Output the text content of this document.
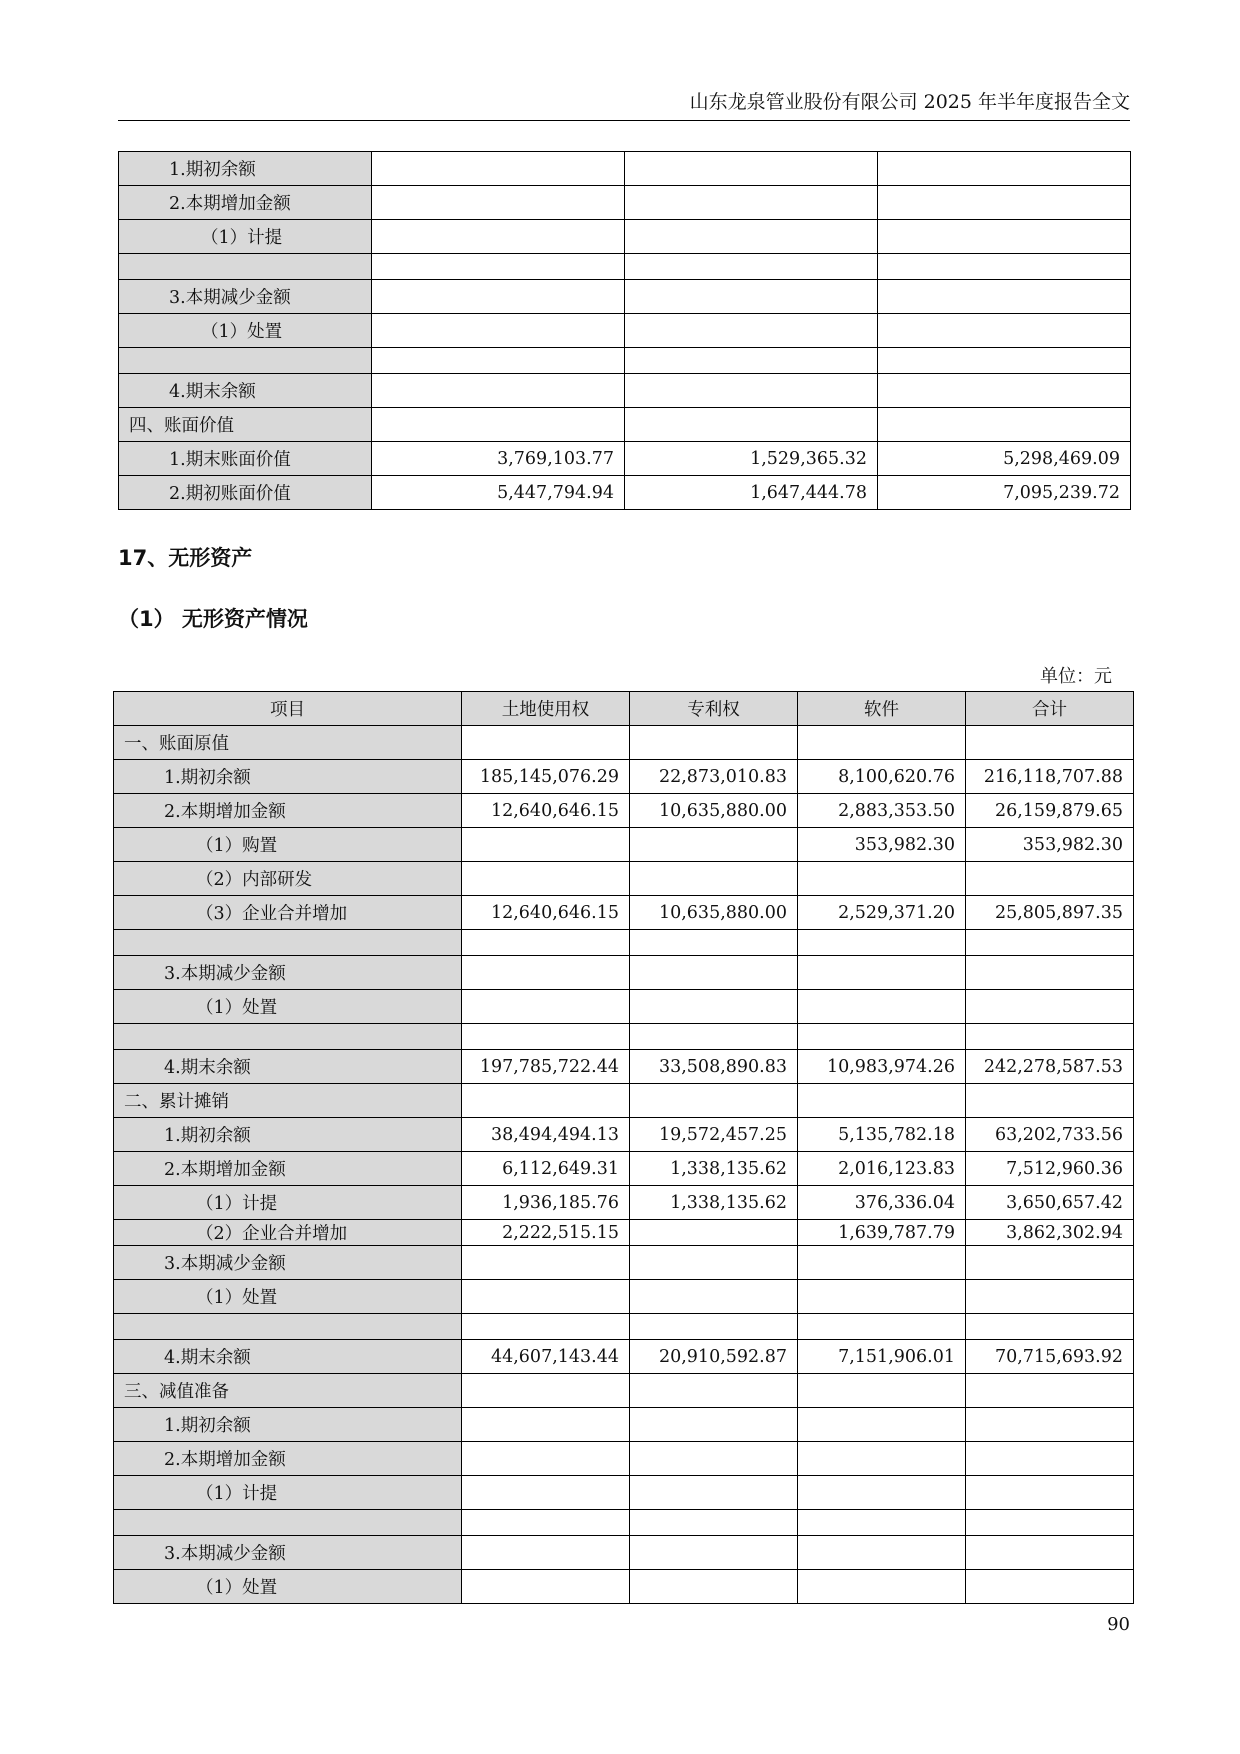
山东龙泉管业股份有限公司 2025 年半年度报告全文
1.期初余额			
2.本期增加金额			
（1）计提			

3.本期减少金额			
（1）处置			

4.期末余额			
四、账面价值			
1.期末账面价值	3,769,103.77	1,529,365.32	5,298,469.09
2.期初账面价值	5,447,794.94	1,647,444.78	7,095,239.72
17、无形资产
（1） 无形资产情况
单位：元
项目	土地使用权	专利权	软件	合计
一、账面原值				
1.期初余额	185,145,076.29	22,873,010.83	8,100,620.76	216,118,707.88
2.本期增加金额	12,640,646.15	10,635,880.00	2,883,353.50	26,159,879.65
（1）购置			353,982.30	353,982.30
（2）内部研发				
（3）企业合并增加	12,640,646.15	10,635,880.00	2,529,371.20	25,805,897.35

3.本期减少金额				
（1）处置				

4.期末余额	197,785,722.44	33,508,890.83	10,983,974.26	242,278,587.53
二、累计摊销				
1.期初余额	38,494,494.13	19,572,457.25	5,135,782.18	63,202,733.56
2.本期增加金额	6,112,649.31	1,338,135.62	2,016,123.83	7,512,960.36
（1）计提	1,936,185.76	1,338,135.62	376,336.04	3,650,657.42
（2）企业合并增加	2,222,515.15		1,639,787.79	3,862,302.94
3.本期减少金额				
（1）处置				

4.期末余额	44,607,143.44	20,910,592.87	7,151,906.01	70,715,693.92
三、减值准备				
1.期初余额				
2.本期增加金额				
（1）计提				

3.本期减少金额				
（1）处置				
90
